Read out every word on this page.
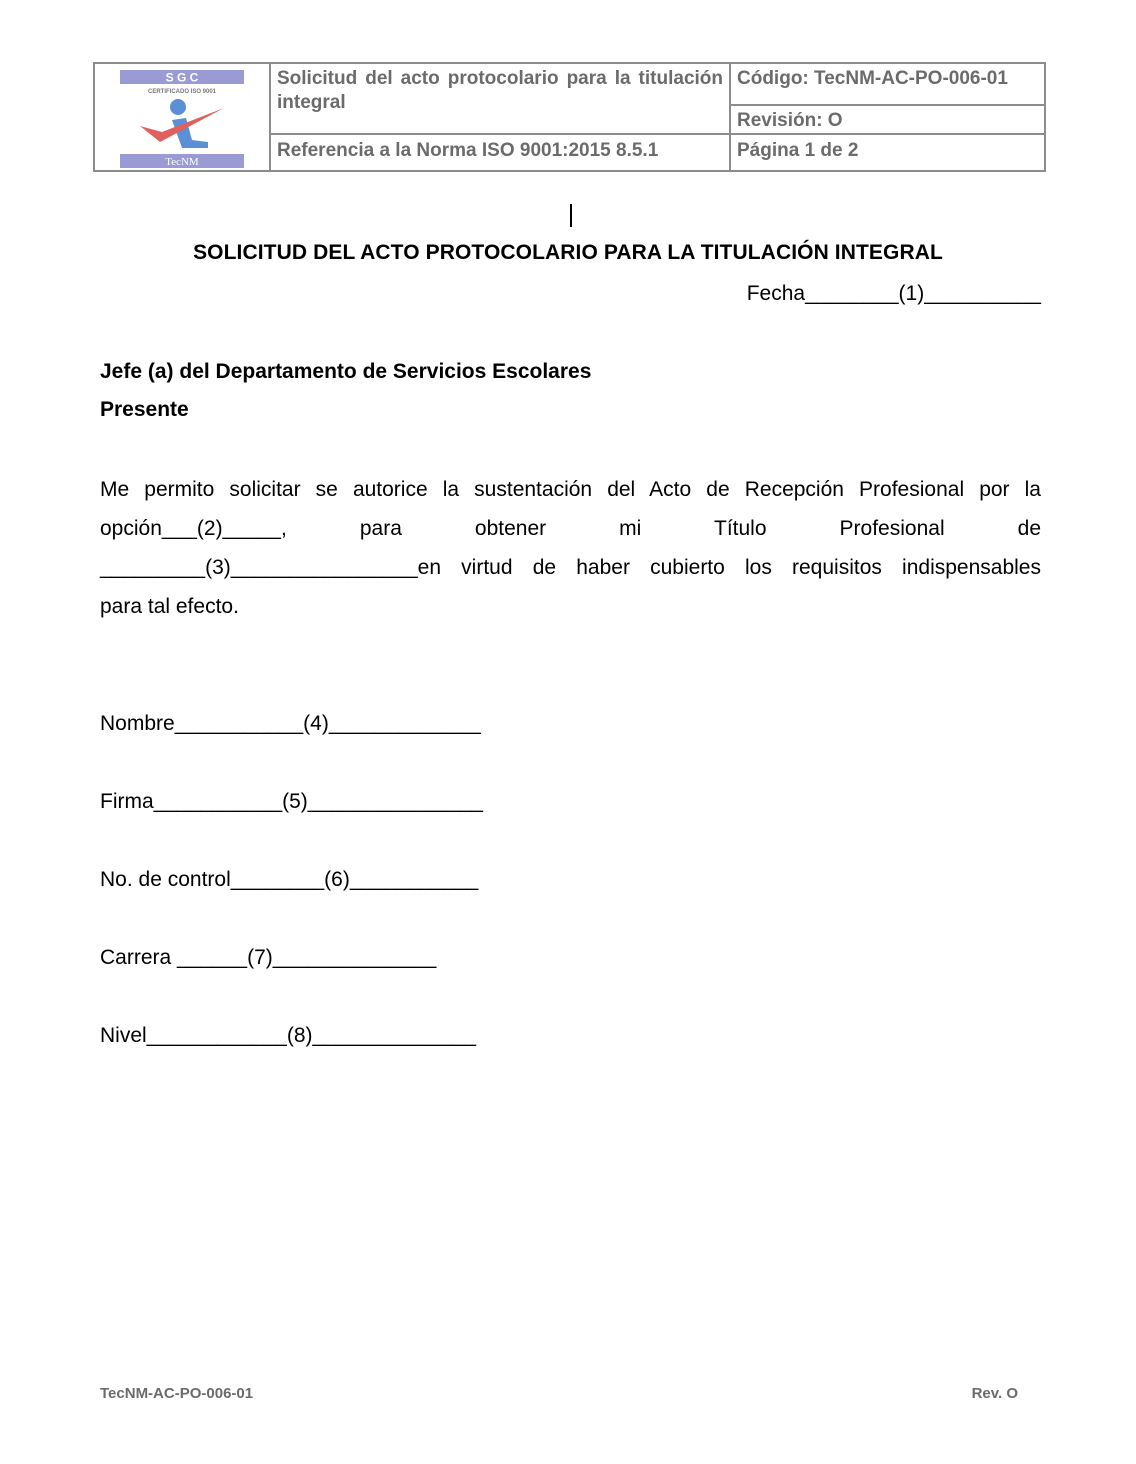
S G C
CERTIFICADO ISO 9001
TecNM
Solicitud del acto protocolario para la titulación integral
Referencia a la Norma ISO 9001:2015 8.5.1
Código: TecNM-AC-PO-006-01
Revisión: O
Página 1 de 2
SOLICITUD DEL ACTO PROTOCOLARIO PARA LA TITULACIÓN INTEGRAL
Fecha________(1)__________
Jefe (a) del Departamento de Servicios Escolares
Presente
Me permito solicitar se autorice la sustentación del Acto de Recepción Profesional por la
opción___(2)_____, para obtener mi Título Profesional de
_________(3)________________en virtud de haber cubierto los requisitos indispensables
para tal efecto.
Nombre___________(4)_____________
Firma___________(5)_______________
No. de control________(6)___________
Carrera ______(7)______________
Nivel____________(8)______________
TecNM-AC-PO-006-01	Rev. O
